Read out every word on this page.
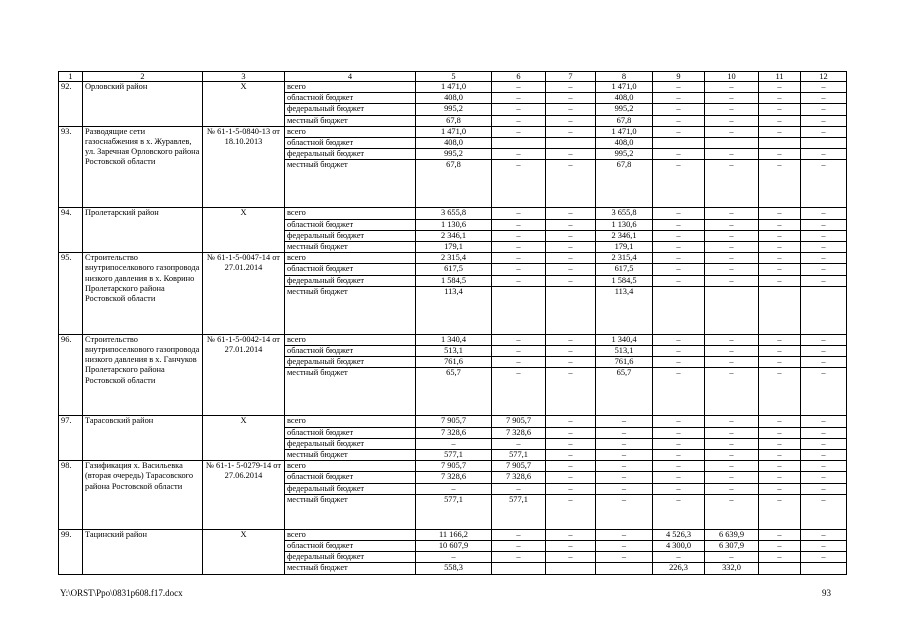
1	2	3	4	5	6	7	8	9	10	11	12
92.	Орловский район	Х	всего	1 471,0	–	–	1 471,0	–	–	–	–
			областной бюджет	408,0	–	–	408,0	–	–	–	–
			федеральный бюджет	995,2	–	–	995,2	–	–	–	–
			местный бюджет	67,8	–	–	67,8	–	–	–	–
93.	Разводящие сети газоснабжения в х. Журавлев, ул. Заречная Орловского района Ростовской области	№ 61-1-5-0840-13 от 18.10.2013	всего	1 471,0	–	–	1 471,0	–	–	–	–
			областной бюджет	408,0			408,0				
			федеральный бюджет	995,2	–	–	995,2	–	–	–	–
			местный бюджет	67,8	–	–	67,8	–	–	–	–
94.	Пролетарский район	Х	всего	3 655,8	–	–	3 655,8	–	–	–	–
			областной бюджет	1 130,6	–	–	1 130,6	–	–	–	–
			федеральный бюджет	2 346,1	–	–	2 346,1	–	–	–	–
			местный бюджет	179,1	–	–	179,1	–	–	–	–
95.	Строительство внутрипоселкового газопровода низкого давления в х. Коврино Пролетарского района Ростовской области	№ 61-1-5-0047-14 от 27.01.2014	всего	2 315,4	–	–	2 315,4	–	–	–	–
			областной бюджет	617,5	–	–	617,5	–	–	–	–
			федеральный бюджет	1 584,5	–	–	1 584,5	–	–	–	–
			местный бюджет	113,4			113,4				
96.	Строительство внутрипоселкового газопровода низкого давления в х. Ганчуков Пролетарского района Ростовской области	№ 61-1-5-0042-14 от 27.01.2014	всего	1 340,4	–	–	1 340,4	–	–	–	–
			областной бюджет	513,1	–	–	513,1	–	–	–	–
			федеральный бюджет	761,6	–	–	761,6	–	–	–	–
			местный бюджет	65,7	–	–	65,7	–	–	–	–
97.	Тарасовский район	Х	всего	7 905,7	7 905,7	–	–	–	–	–	–
			областной бюджет	7 328,6	7 328,6	–	–	–	–	–	–
			федеральный бюджет	–	–	–	–	–	–	–	–
			местный бюджет	577,1	577,1	–	–	–	–	–	–
98.	Газификация х. Васильевка (вторая очередь) Тарасовского района Ростовской области	№ 61-1- 5-0279-14 от 27.06.2014	всего	7 905,7	7 905,7	–	–	–	–	–	–
			областной бюджет	7 328,6	7 328,6	–	–	–	–	–	–
			федеральный бюджет	–	–	–	–	–	–	–	–
			местный бюджет	577,1	577,1	–	–	–	–	–	–
99.	Тацинский район	Х	всего	11 166,2	–	–	–	4 526,3	6 639,9	–	–
			областной бюджет	10 607,9	–	–	–	4 300,0	6 307,9	–	–
			федеральный бюджет	–	–	–	–	–	–	–	–
			местный бюджет	558,3				226,3	332,0		
Y:\ORST\Ppo\0831p608.f17.docx	93
